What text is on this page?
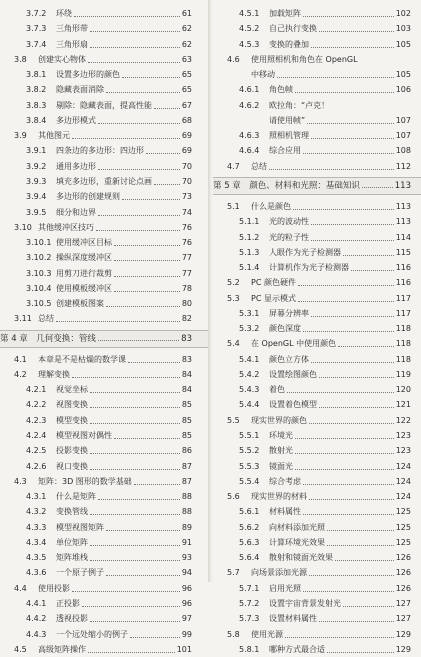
3.7.2	环绕	61
3.7.3	三角形带	62
3.7.4	三角形扇	62
3.8	创建实心物体	63
3.8.1	设置多边形的颜色	65
3.8.2	隐藏表面消除	65
3.8.3	剔除：隐藏表面，提高性能	67
3.8.4	多边形模式	68
3.9	其他图元	69
3.9.1	四条边的多边形：四边形	69
3.9.2	通用多边形	70
3.9.3	填充多边形，重新讨论点画	70
3.9.4	多边形的创建规则	73
3.9.5	细分和边界	74
3.10 其他缓冲区技巧	76
3.10.1 使用缓冲区目标	76
3.10.2 操纵深度缓冲区	77
3.10.3 用剪刀进行裁剪	77
3.10.4 使用模板缓冲区	78
3.10.5 创建模板图案	80
3.11 总结	82
第 4 章　几何变换：管线	83
4.1	本章是不是枯燥的数学课	83
4.2	理解变换	84
4.2.1	视觉坐标	84
4.2.2	视图变换	85
4.2.3	模型变换	85
4.2.4	模型视图对偶性	85
4.2.5	投影变换	86
4.2.6	视口变换	87
4.3	矩阵：3D 图形的数学基础	87
4.3.1	什么是矩阵	88
4.3.2	变换管线	88
4.3.3	模型视图矩阵	89
4.3.4	单位矩阵	91
4.3.5	矩阵堆栈	93
4.3.6	一个原子例子	94
4.4	使用投影	96
4.4.1	正投影	96
4.4.2	透视投影	97
4.4.3	一个远处缩小的例子	99
4.5	高级矩阵操作	101
4.5.1	加载矩阵	102
4.5.2	自己执行变换	103
4.5.3	变换的叠加	105
4.6	使用照相机和角色在 OpenGL
中移动	105
4.6.1	角色帧	106
4.6.2	欧拉角：“卢克！
请使用帧”	107
4.6.3	照相机管理	107
4.6.4	综合应用	108
4.7	总结	112
第 5 章　颜色、材料和光照：基础知识	113
5.1	什么是颜色	113
5.1.1	光的波动性	113
5.1.2	光的粒子性	114
5.1.3	人眼作为光子检测器	115
5.1.4	计算机作为光子检测器	116
5.2	PC 颜色硬件	116
5.3	PC 显示模式	117
5.3.1	屏幕分辨率	117
5.3.2	颜色深度	118
5.4	在 OpenGL 中使用颜色	118
5.4.1	颜色立方体	118
5.4.2	设置绘图颜色	119
5.4.3	着色	120
5.4.4	设置着色模型	121
5.5	现实世界的颜色	122
5.5.1	环境光	123
5.5.2	散射光	123
5.5.3	镜面光	124
5.5.4	综合考虑	124
5.6	现实世界的材料	124
5.6.1	材料属性	125
5.6.2	向材料添加光照	125
5.6.3	计算环境光效果	125
5.6.4	散射和镜面光效果	126
5.7	向场景添加光源	126
5.7.1	启用光照	126
5.7.2	设置宇宙背景发射光	127
5.7.3	设置材料属性	127
5.8	使用光源	129
5.8.1	哪种方式最合适	129
